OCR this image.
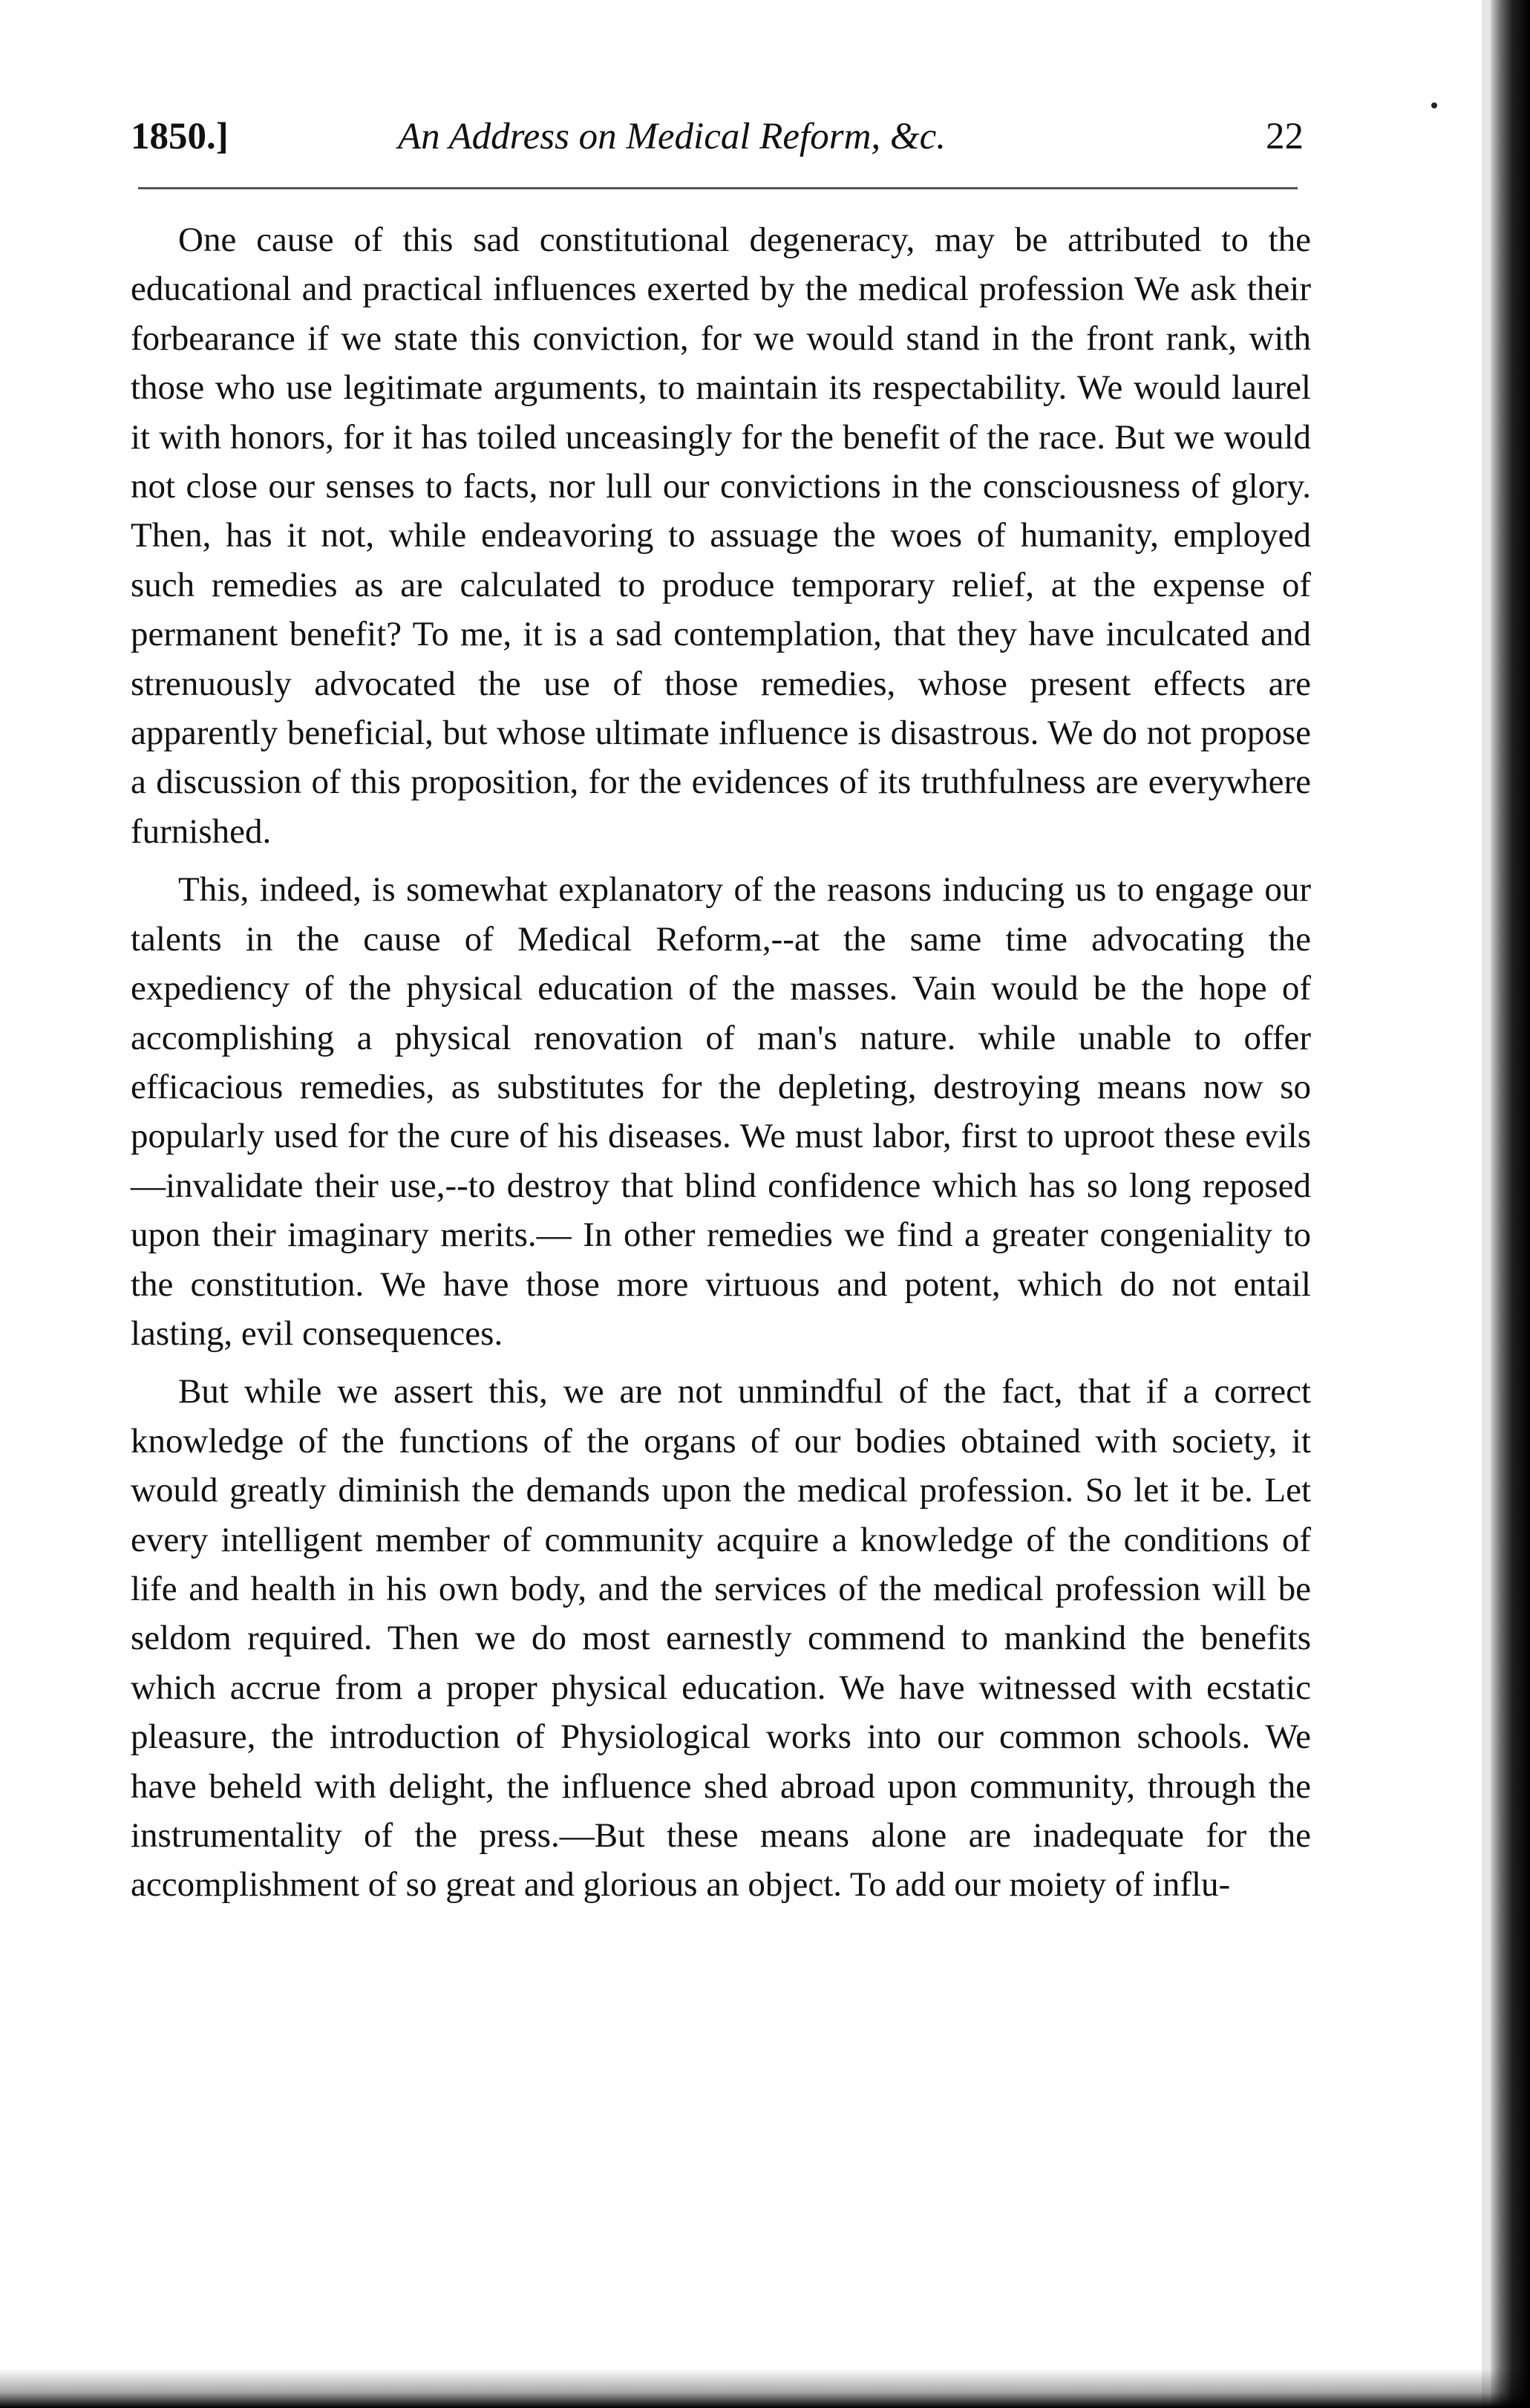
1850.]	An Address on Medical Reform, &c.	22

One cause of this sad constitutional degeneracy, may be attributed to the educational and practical influences exerted by the medical profession We ask their forbearance if we state this conviction, for we would stand in the front rank, with those who use legitimate arguments, to maintain its respectability. We would laurel it with honors, for it has toiled unceasingly for the benefit of the race. But we would not close our senses to facts, nor lull our convictions in the consciousness of glory. Then, has it not, while endeavoring to assuage the woes of humanity, employed such remedies as are calculated to produce temporary relief, at the expense of permanent benefit? To me, it is a sad contemplation, that they have inculcated and strenuously advocated the use of those remedies, whose present effects are apparently beneficial, but whose ultimate influence is disastrous. We do not propose a discussion of this proposition, for the evidences of its truthfulness are everywhere furnished.

This, indeed, is somewhat explanatory of the reasons inducing us to engage our talents in the cause of Medical Reform,--at the same time advocating the expediency of the physical education of the masses. Vain would be the hope of accomplishing a physical renovation of man's nature. while unable to offer efficacious remedies, as substitutes for the depleting, destroying means now so popularly used for the cure of his diseases. We must labor, first to uproot these evils—invalidate their use,--to destroy that blind confidence which has so long reposed upon their imaginary merits.— In other remedies we find a greater congeniality to the constitution. We have those more virtuous and potent, which do not entail lasting, evil consequences.

But while we assert this, we are not unmindful of the fact, that if a correct knowledge of the functions of the organs of our bodies obtained with society, it would greatly diminish the demands upon the medical profession. So let it be. Let every intelligent member of community acquire a knowledge of the conditions of life and health in his own body, and the services of the medical profession will be seldom required. Then we do most earnestly commend to mankind the benefits which accrue from a proper physical education. We have witnessed with ecstatic pleasure, the introduction of Physiological works into our common schools. We have beheld with delight, the influence shed abroad upon community, through the instrumentality of the press.—But these means alone are inadequate for the accomplishment of so great and glorious an object. To add our moiety of influ-
